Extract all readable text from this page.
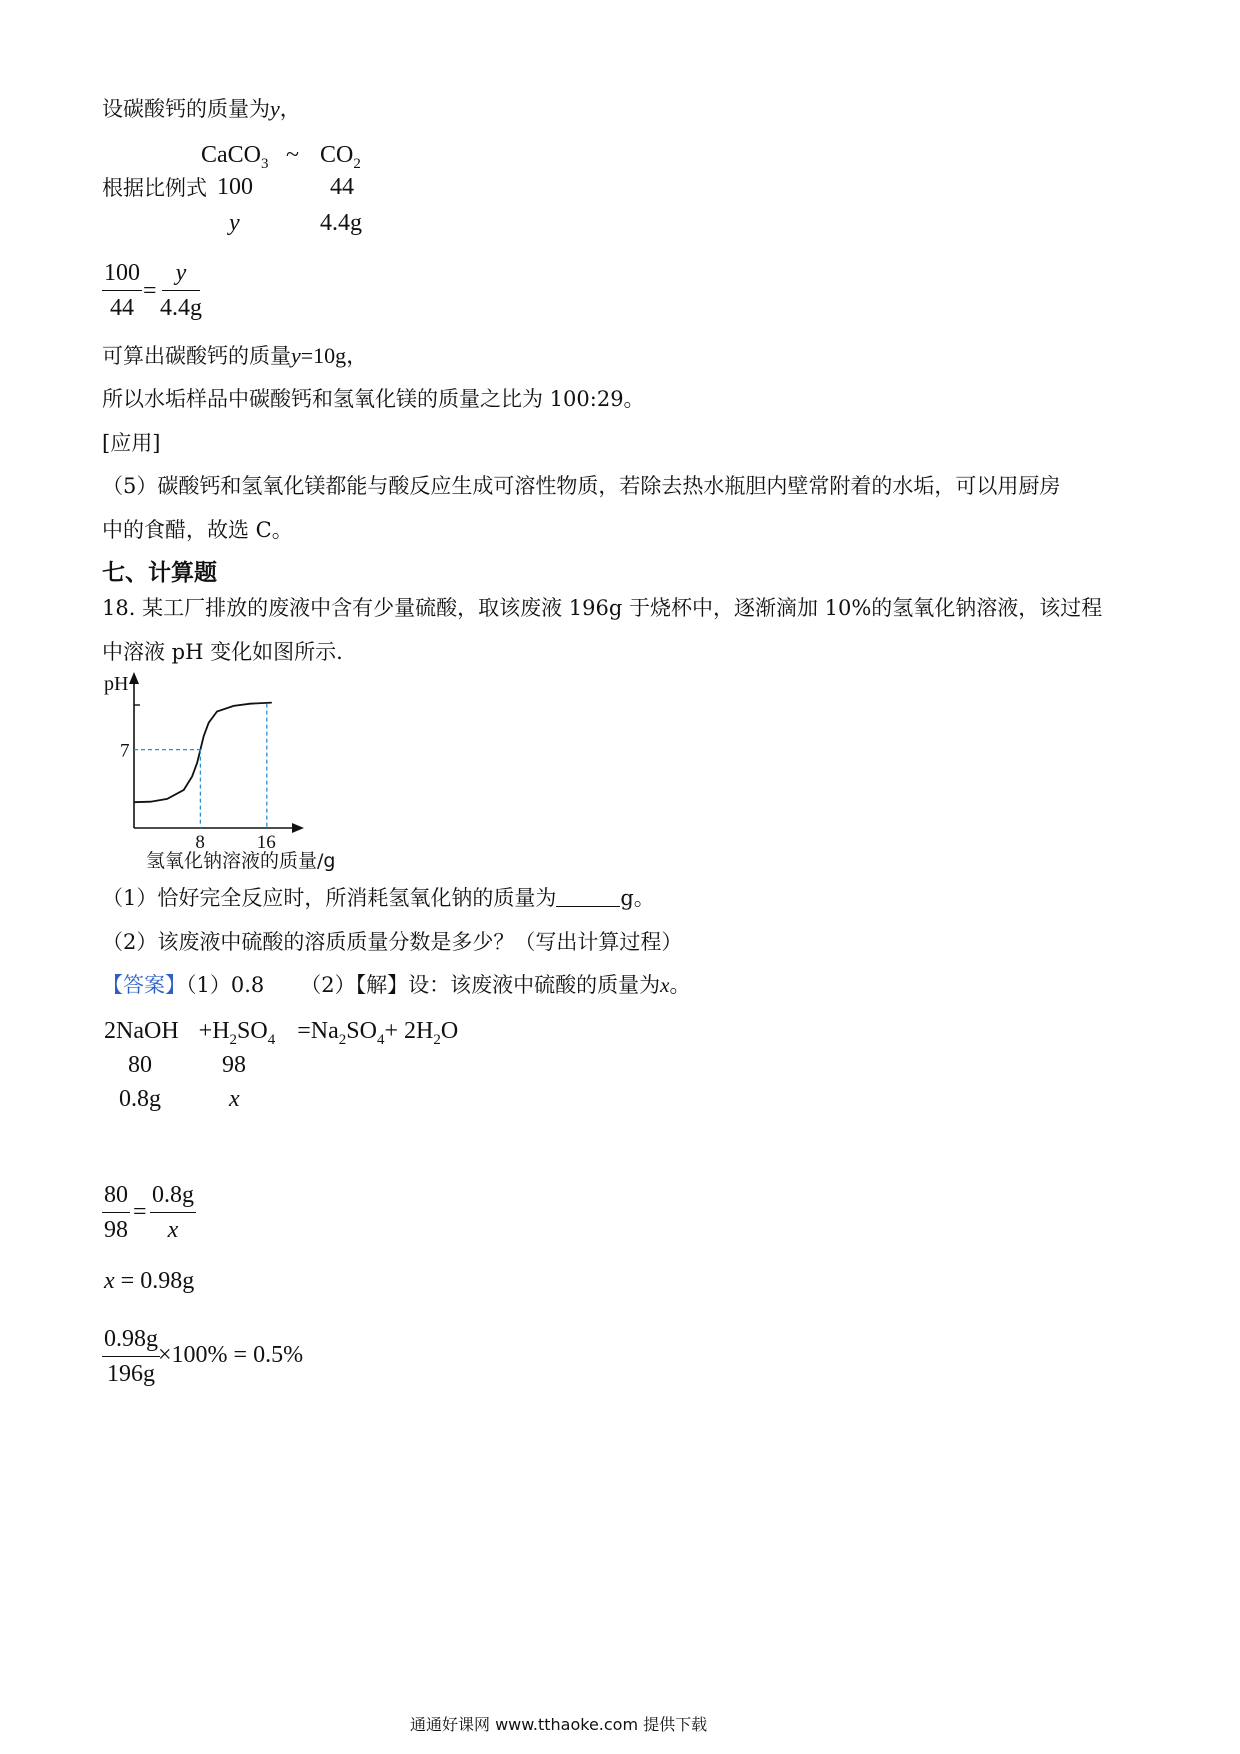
设碳酸钙的质量为y，
CaCO$_3$ ~ $CO_2$
根据比例式 100	44
y	4.4g
$\frac{100}{44} = \frac{y}{4.4g}$
可算出碳酸钙的质量y=10g，
所以水垢样品中碳酸钙和氢氧化镁的质量之比为 100:29。
[应用]
（5）碳酸钙和氢氧化镁都能与酸反应生成可溶性物质，若除去热水瓶胆内壁常附着的水垢，可以用厨房
中的食醋，故选 C。
七、计算题
18. 某工厂排放的废液中含有少量硫酸，取该废液 196g 于烧杯中，逐渐滴加 10%的氢氧化钠溶液，该过程
中溶液 pH 变化如图所示.
pH
8	16
7
氢氧化钠溶液的质量/g
（1）恰好完全反应时，所消耗氢氧化钠的质量为	g。
（2）该废液中硫酸的溶质质量分数是多少？（写出计算过程）
【答案】（1）0.8 （2）【解】设：该废液中硫酸的质量为x。
2NaOH $+H_2SO_4 =Na_2SO_4+ 2H_2O$
80	98
0.8g	x
$\frac{80}{98} = \frac{0.8g}{x}$
x = 0.98g
$\frac{0.98g}{196g}$
×100% = 0.5%
通通好课网 www.tthaoke.com 提供下载
